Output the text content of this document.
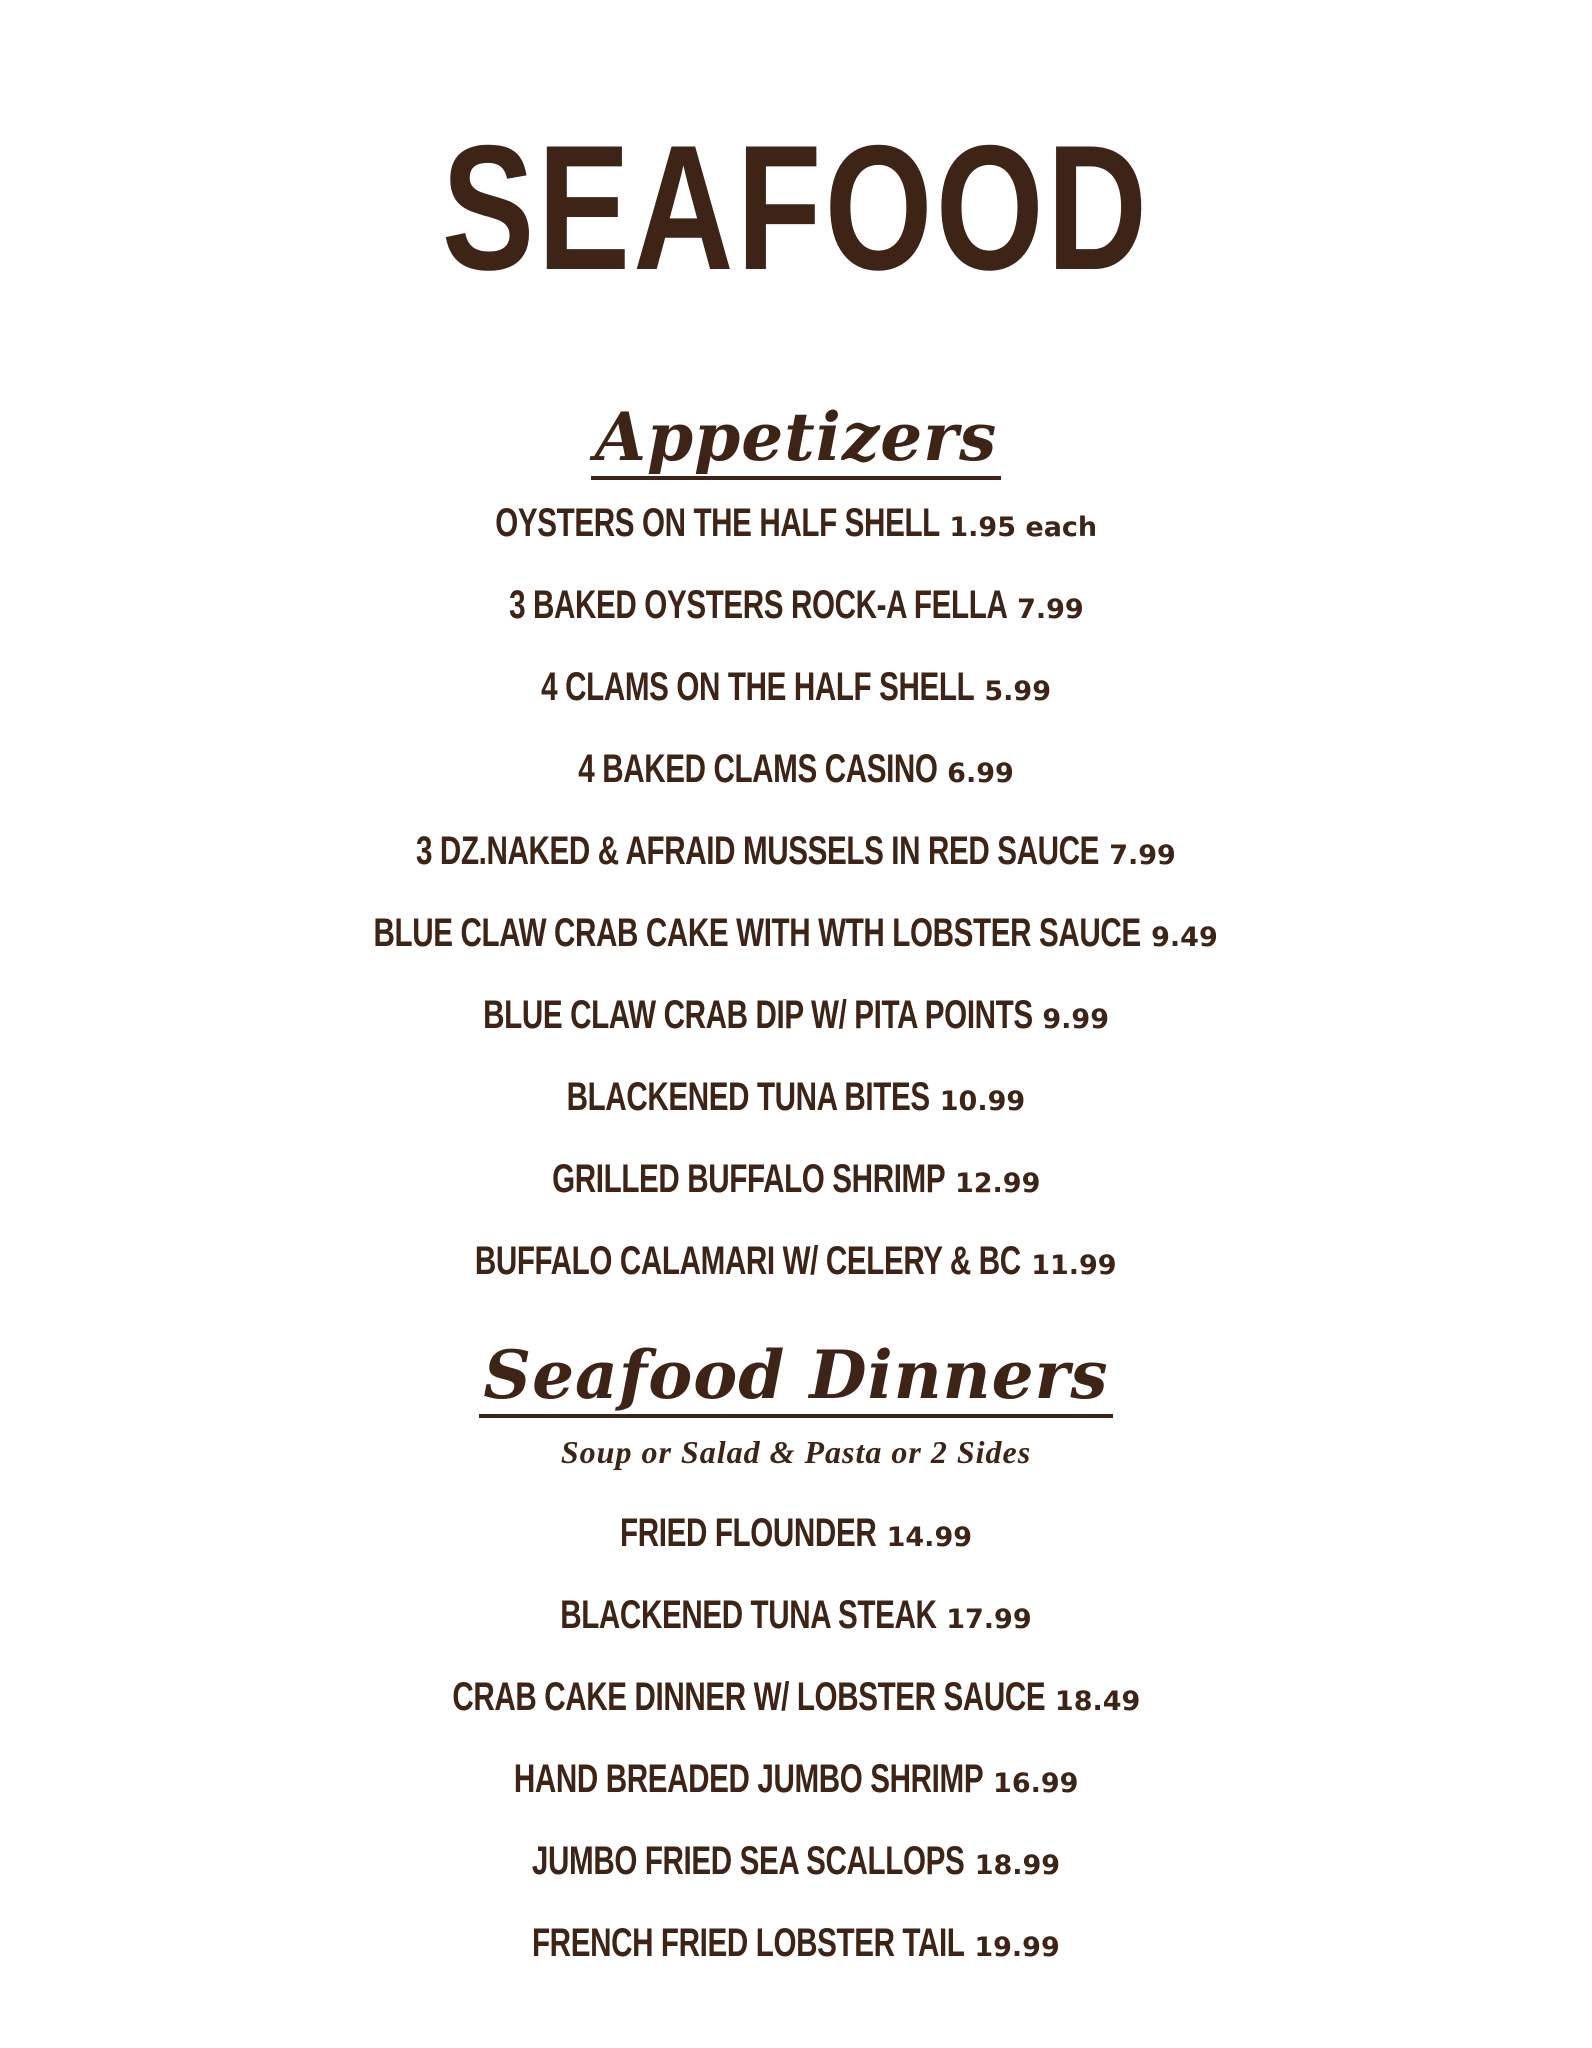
SEAFOOD
Appetizers
OYSTERS ON THE HALF SHELL 1.95 each
3 BAKED OYSTERS ROCK-A FELLA 7.99
4 CLAMS ON THE HALF SHELL 5.99
4 BAKED CLAMS CASINO 6.99
3 DZ.NAKED & AFRAID MUSSELS IN RED SAUCE 7.99
BLUE CLAW CRAB CAKE WITH WTH LOBSTER SAUCE 9.49
BLUE CLAW CRAB DIP W/ PITA POINTS 9.99
BLACKENED TUNA BITES 10.99
GRILLED BUFFALO SHRIMP 12.99
BUFFALO CALAMARI W/ CELERY & BC 11.99
Seafood Dinners
Soup or Salad & Pasta or 2 Sides
FRIED FLOUNDER 14.99
BLACKENED TUNA STEAK 17.99
CRAB CAKE DINNER W/ LOBSTER SAUCE 18.49
HAND BREADED JUMBO SHRIMP 16.99
JUMBO FRIED SEA SCALLOPS 18.99
FRENCH FRIED LOBSTER TAIL 19.99
